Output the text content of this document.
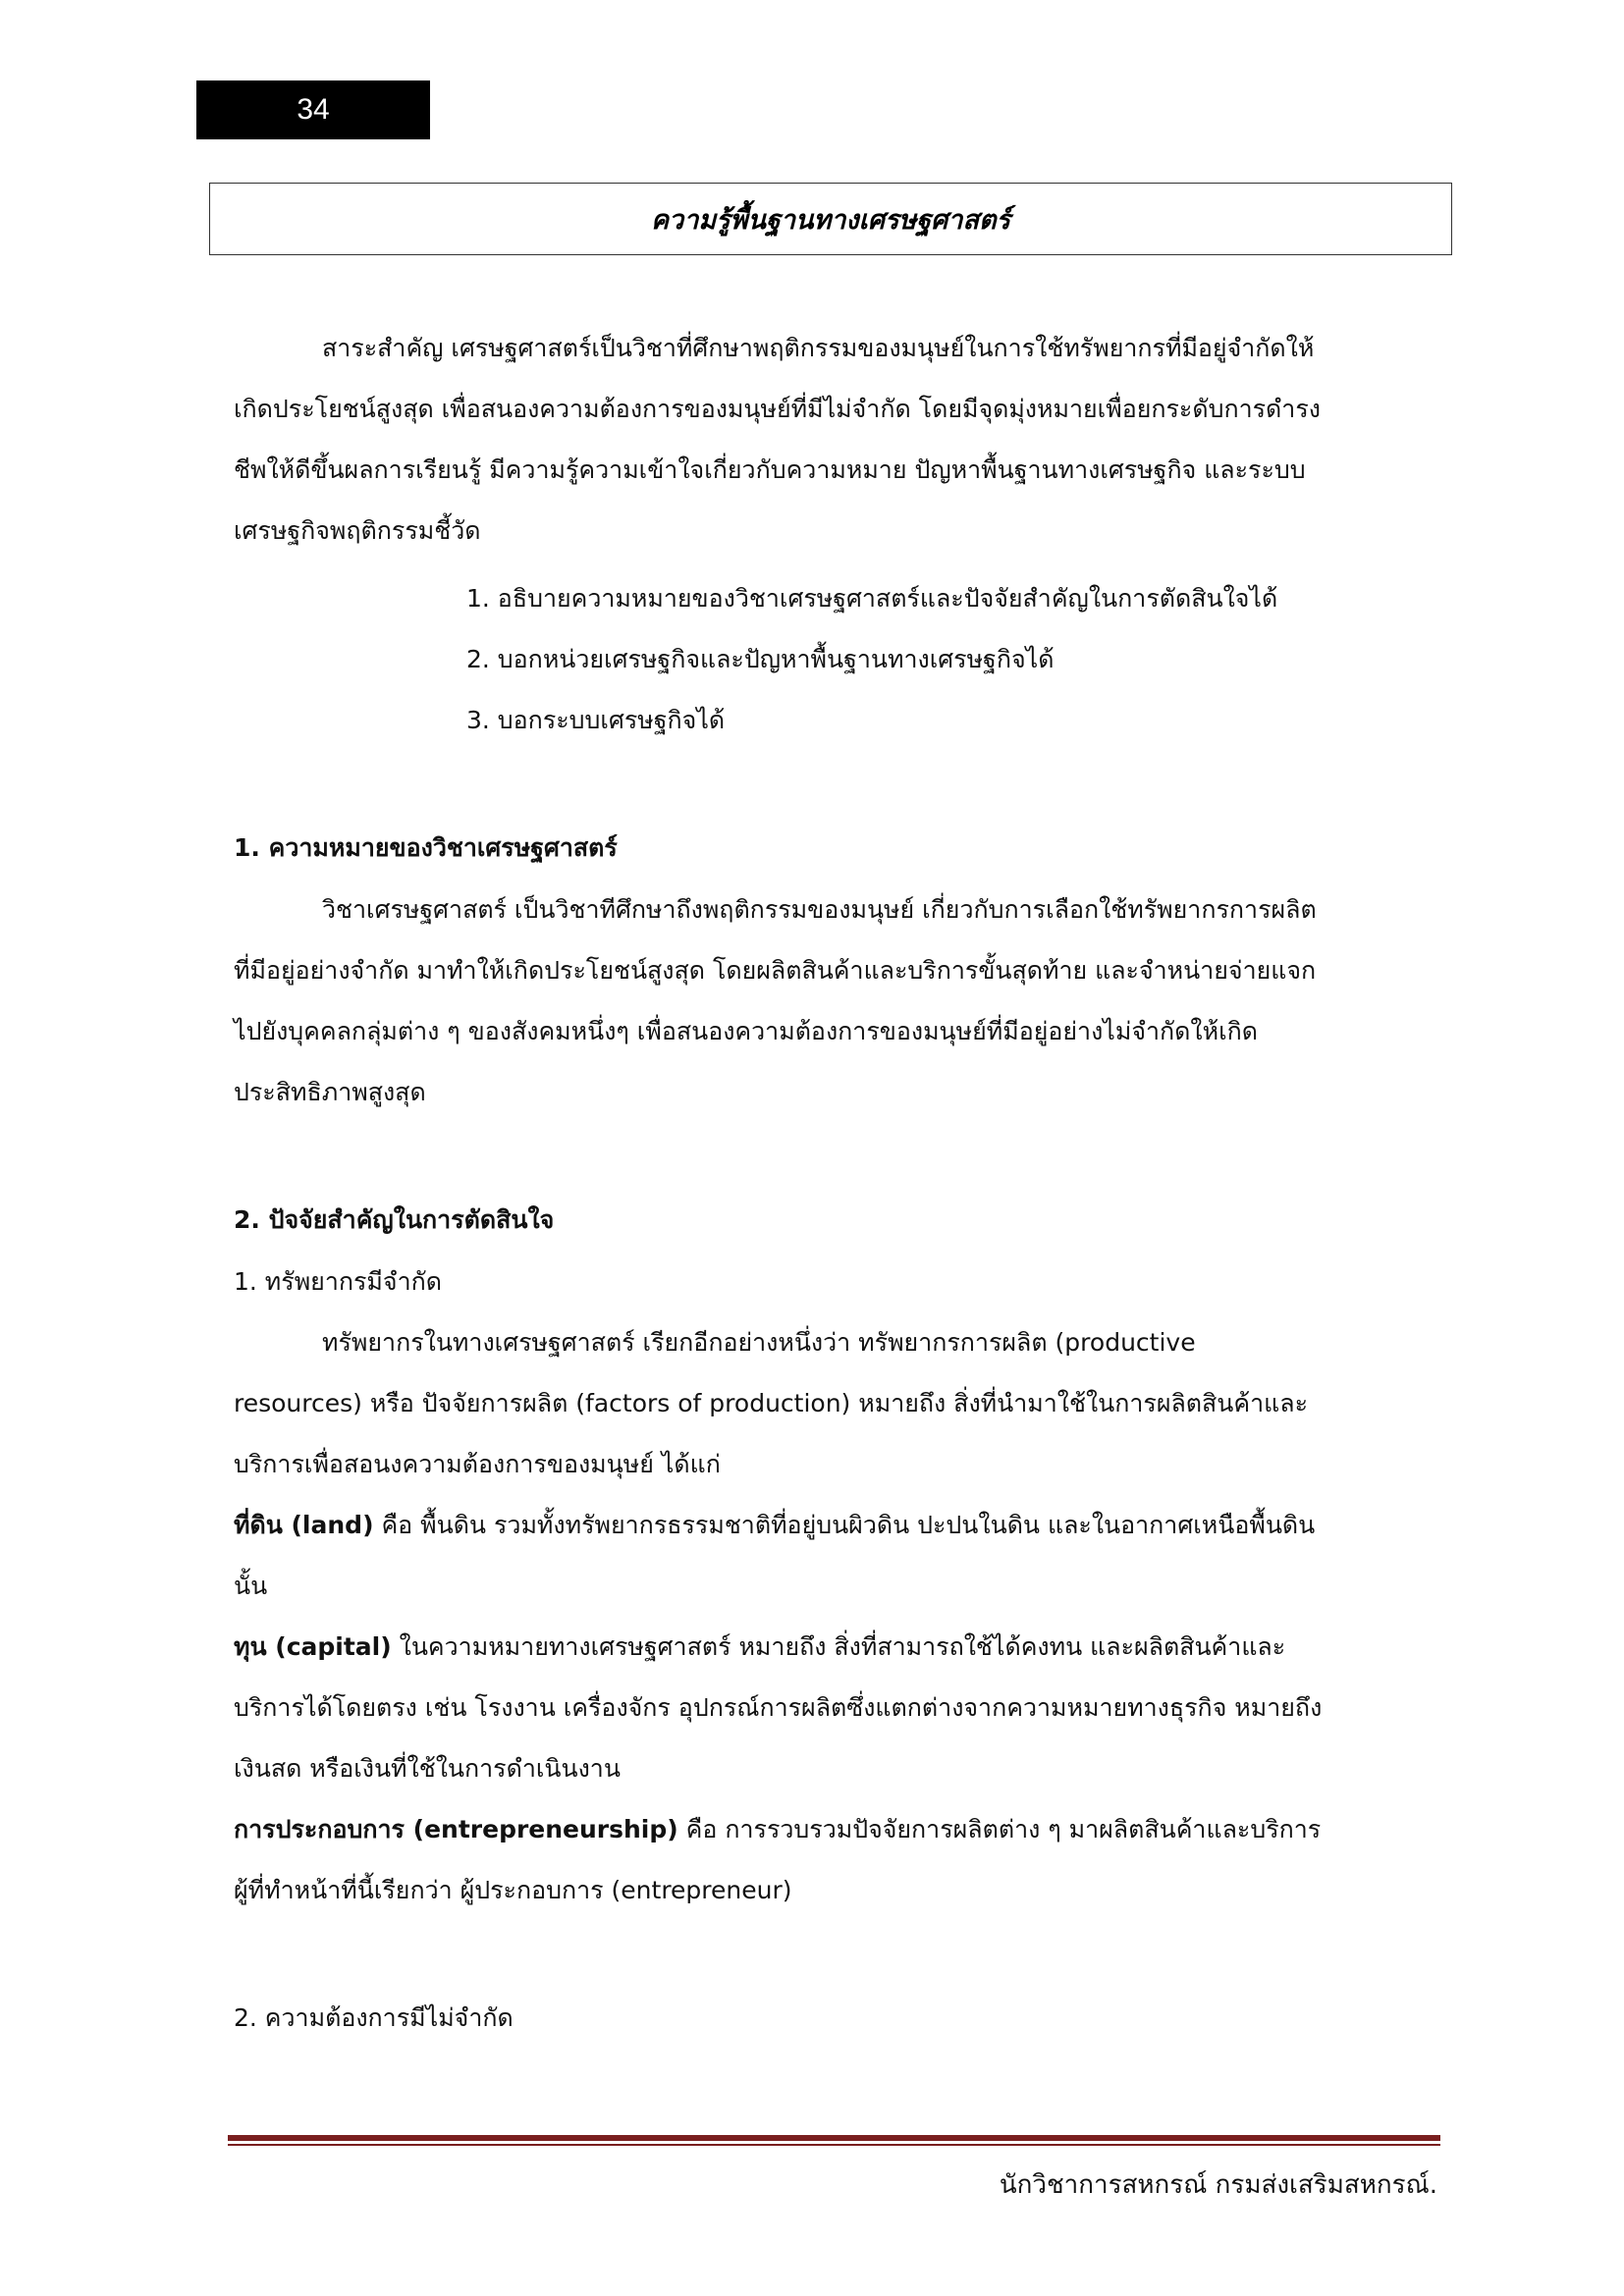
34
ความรู้พื้นฐานทางเศรษฐศาสตร์
สาระสำคัญ เศรษฐศาสตร์เป็นวิชาที่ศึกษาพฤติกรรมของมนุษย์ในการใช้ทรัพยากรที่มีอยู่จำกัดให้
เกิดประโยชน์สูงสุด เพื่อสนองความต้องการของมนุษย์ที่มีไม่จำกัด โดยมีจุดมุ่งหมายเพื่อยกระดับการดำรง
ชีพให้ดีขึ้นผลการเรียนรู้ มีความรู้ความเข้าใจเกี่ยวกับความหมาย ปัญหาพื้นฐานทางเศรษฐกิจ และระบบ
เศรษฐกิจพฤติกรรมชี้วัด
1. อธิบายความหมายของวิชาเศรษฐศาสตร์และปัจจัยสำคัญในการตัดสินใจได้
2. บอกหน่วยเศรษฐกิจและปัญหาพื้นฐานทางเศรษฐกิจได้
3. บอกระบบเศรษฐกิจได้
1. ความหมายของวิชาเศรษฐศาสตร์
วิชาเศรษฐศาสตร์ เป็นวิชาทีศึกษาถึงพฤติกรรมของมนุษย์ เกี่ยวกับการเลือกใช้ทรัพยากรการผลิต
ที่มีอยู่อย่างจำกัด มาทำให้เกิดประโยชน์สูงสุด โดยผลิตสินค้าและบริการขั้นสุดท้าย และจำหน่ายจ่ายแจก
ไปยังบุคคลกลุ่มต่าง ๆ ของสังคมหนึ่งๆ เพื่อสนองความต้องการของมนุษย์ที่มีอยู่อย่างไม่จำกัดให้เกิด
ประสิทธิภาพสูงสุด
2. ปัจจัยสำคัญในการตัดสินใจ
1. ทรัพยากรมีจำกัด
ทรัพยากรในทางเศรษฐศาสตร์ เรียกอีกอย่างหนึ่งว่า ทรัพยากรการผลิต (productive
resources) หรือ ปัจจัยการผลิต (factors of production) หมายถึง สิ่งที่นำมาใช้ในการผลิตสินค้าและ
บริการเพื่อสอนงความต้องการของมนุษย์ ได้แก่
ที่ดิน (land) คือ พื้นดิน รวมทั้งทรัพยากรธรรมชาติที่อยู่บนผิวดิน ปะปนในดิน และในอากาศเหนือพื้นดิน
นั้น
ทุน (capital) ในความหมายทางเศรษฐศาสตร์ หมายถึง สิ่งที่สามารถใช้ได้คงทน และผลิตสินค้าและ
บริการได้โดยตรง เช่น โรงงาน เครื่องจักร อุปกรณ์การผลิตซึ่งแตกต่างจากความหมายทางธุรกิจ หมายถึง
เงินสด หรือเงินที่ใช้ในการดำเนินงาน
การประกอบการ (entrepreneurship) คือ การรวบรวมปัจจัยการผลิตต่าง ๆ มาผลิตสินค้าและบริการ
ผู้ที่ทำหน้าที่นี้เรียกว่า ผู้ประกอบการ (entrepreneur)
2. ความต้องการมีไม่จำกัด
นักวิชาการสหกรณ์ กรมส่งเสริมสหกรณ์.
